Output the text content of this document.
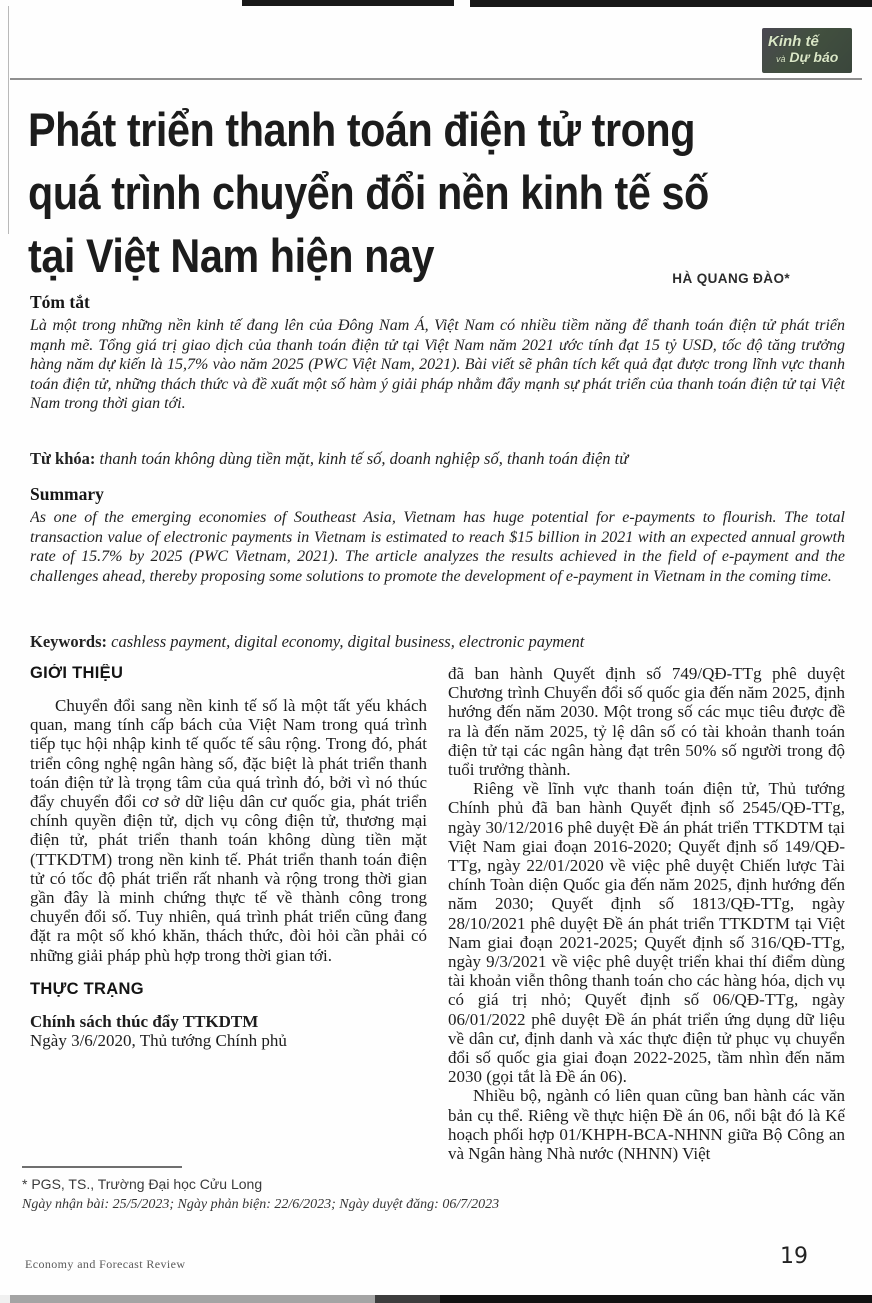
Kinh tế
và Dự báo
Phát triển thanh toán điện tử trong
quá trình chuyển đổi nền kinh tế số
tại Việt Nam hiện nay	HÀ QUANG ĐÀO*
Tóm tắt

Là một trong những nền kinh tế đang lên của Đông Nam Á, Việt Nam có nhiều tiềm năng để thanh toán điện tử phát triển mạnh mẽ. Tổng giá trị giao dịch của thanh toán điện tử tại Việt Nam năm 2021 ước tính đạt 15 tỷ USD, tốc độ tăng trưởng hàng năm dự kiến là 15,7% vào năm 2025 (PWC Việt Nam, 2021). Bài viết sẽ phân tích kết quả đạt được trong lĩnh vực thanh toán điện tử, những thách thức và đề xuất một số hàm ý giải pháp nhằm đẩy mạnh sự phát triển của thanh toán điện tử tại Việt Nam trong thời gian tới.

Từ khóa: thanh toán không dùng tiền mặt, kinh tế số, doanh nghiệp số, thanh toán điện tử

Summary

As one of the emerging economies of Southeast Asia, Vietnam has huge potential for e-payments to flourish. The total transaction value of electronic payments in Vietnam is estimated to reach $15 billion in 2021 with an expected annual growth rate of 15.7% by 2025 (PWC Vietnam, 2021). The article analyzes the results achieved in the field of e-payment and the challenges ahead, thereby proposing some solutions to promote the development of e-payment in Vietnam in the coming time.

Keywords: cashless payment, digital economy, digital business, electronic payment

GIỚI THIỆU

Chuyển đổi sang nền kinh tế số là một tất yếu khách quan, mang tính cấp bách của Việt Nam trong quá trình tiếp tục hội nhập kinh tế quốc tế sâu rộng. Trong đó, phát triển công nghệ ngân hàng số, đặc biệt là phát triển thanh toán điện tử là trọng tâm của quá trình đó, bởi vì nó thúc đẩy chuyển đổi cơ sở dữ liệu dân cư quốc gia, phát triển chính quyền điện tử, dịch vụ công điện tử, thương mại điện tử, phát triển thanh toán không dùng tiền mặt (TTKDTM) trong nền kinh tế. Phát triển thanh toán điện tử có tốc độ phát triển rất nhanh và rộng trong thời gian gần đây là minh chứng thực tế về thành công trong chuyển đổi số. Tuy nhiên, quá trình phát triển cũng đang đặt ra một số khó khăn, thách thức, đòi hỏi cần phải có những giải pháp phù hợp trong thời gian tới.

THỰC TRẠNG

Chính sách thúc đẩy TTKDTM

Ngày 3/6/2020, Thủ tướng Chính phủ

đã ban hành Quyết định số 749/QĐ-TTg phê duyệt Chương trình Chuyển đổi số quốc gia đến năm 2025, định hướng đến năm 2030. Một trong số các mục tiêu được đề ra là đến năm 2025, tỷ lệ dân số có tài khoản thanh toán điện tử tại các ngân hàng đạt trên 50% số người trong độ tuổi trưởng thành.

Riêng về lĩnh vực thanh toán điện tử, Thủ tướng Chính phủ đã ban hành Quyết định số 2545/QĐ-TTg, ngày 30/12/2016 phê duyệt Đề án phát triển TTKDTM tại Việt Nam giai đoạn 2016-2020; Quyết định số 149/QĐ-TTg, ngày 22/01/2020 về việc phê duyệt Chiến lược Tài chính Toàn diện Quốc gia đến năm 2025, định hướng đến năm 2030; Quyết định số 1813/QĐ-TTg, ngày 28/10/2021 phê duyệt Đề án phát triển TTKDTM tại Việt Nam giai đoạn 2021-2025; Quyết định số 316/QĐ-TTg, ngày 9/3/2021 về việc phê duyệt triển khai thí điểm dùng tài khoản viễn thông thanh toán cho các hàng hóa, dịch vụ có giá trị nhỏ; Quyết định số 06/QĐ-TTg, ngày 06/01/2022 phê duyệt Đề án phát triển ứng dụng dữ liệu về dân cư, định danh và xác thực điện tử phục vụ chuyển đổi số quốc gia giai đoạn 2022-2025, tầm nhìn đến năm 2030 (gọi tắt là Đề án 06).

Nhiều bộ, ngành có liên quan cũng ban hành các văn bản cụ thể. Riêng về thực hiện Đề án 06, nổi bật đó là Kế hoạch phối hợp 01/KHPH-BCA-NHNN giữa Bộ Công an và Ngân hàng Nhà nước (NHNN) Việt

* PGS, TS., Trường Đại học Cửu Long

Ngày nhận bài: 25/5/2023; Ngày phản biện: 22/6/2023; Ngày duyệt đăng: 06/7/2023

Economy and Forecast Review	19
